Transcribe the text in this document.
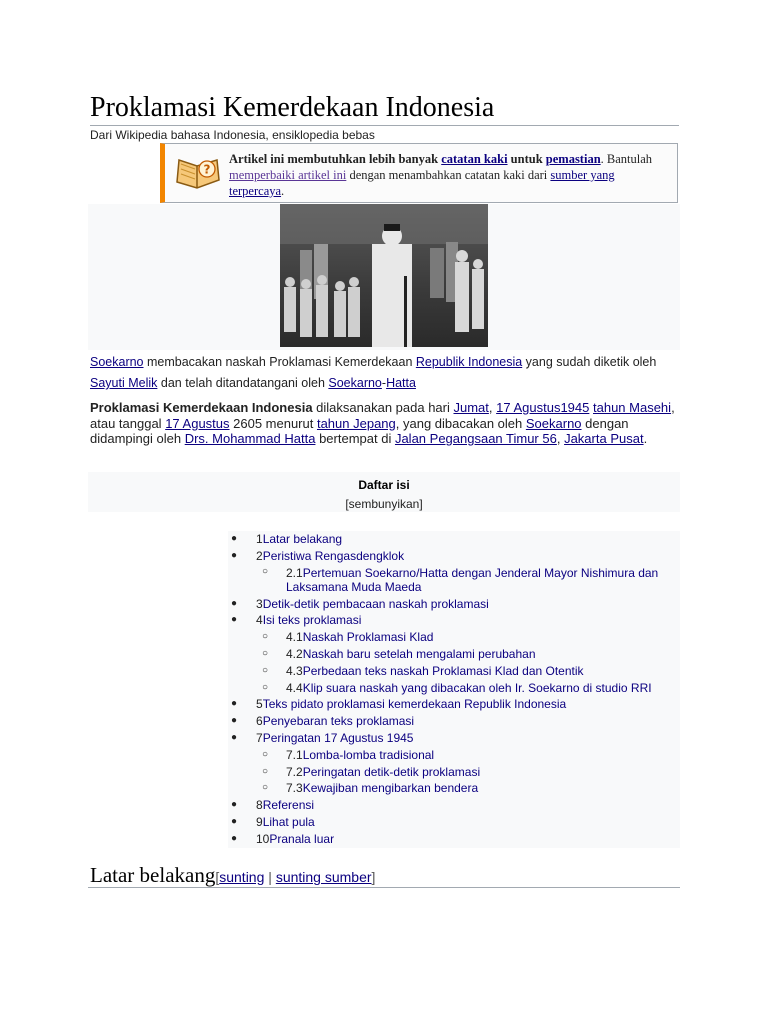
Proklamasi Kemerdekaan Indonesia
Dari Wikipedia bahasa Indonesia, ensiklopedia bebas
?
Artikel ini membutuhkan lebih banyak catatan kaki untuk pemastian. Bantulah memperbaiki artikel ini dengan menambahkan catatan kaki dari sumber yang terpercaya.
Soekarno membacakan naskah Proklamasi Kemerdekaan Republik Indonesia yang sudah diketik oleh Sayuti Melik dan telah ditandatangani oleh Soekarno-Hatta
Proklamasi Kemerdekaan Indonesia dilaksanakan pada hari Jumat, 17 Agustus1945 tahun Masehi, atau tanggal 17 Agustus 2605 menurut tahun Jepang, yang dibacakan oleh Soekarno dengan didampingi oleh Drs. Mohammad Hatta bertempat di Jalan Pegangsaan Timur 56, Jakarta Pusat.
Daftar isi
[sembunyikan]
● 1Latar belakang
● 2Peristiwa Rengasdengklok
○ 2.1Pertemuan Soekarno/Hatta dengan Jenderal Mayor Nishimura dan Laksamana Muda Maeda
● 3Detik-detik pembacaan naskah proklamasi
● 4Isi teks proklamasi
○ 4.1Naskah Proklamasi Klad
○ 4.2Naskah baru setelah mengalami perubahan
○ 4.3Perbedaan teks naskah Proklamasi Klad dan Otentik
○ 4.4Klip suara naskah yang dibacakan oleh Ir. Soekarno di studio RRI
● 5Teks pidato proklamasi kemerdekaan Republik Indonesia
● 6Penyebaran teks proklamasi
● 7Peringatan 17 Agustus 1945
○ 7.1Lomba-lomba tradisional
○ 7.2Peringatan detik-detik proklamasi
○ 7.3Kewajiban mengibarkan bendera
● 8Referensi
● 9Lihat pula
● 10Pranala luar
Latar belakang[sunting | sunting sumber]
